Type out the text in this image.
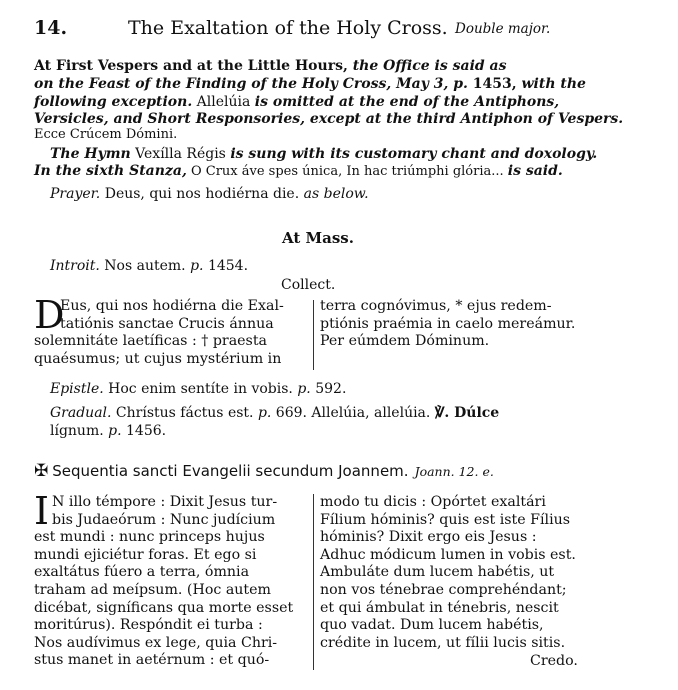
14.	The Exaltation of the Holy Cross. Double major.
At First Vespers and at the Little Hours, the Office is said as
on the Feast of the Finding of the Holy Cross, May 3, p. 1453, with the
following exception. Allelúia is omitted at the end of the Antiphons,
Versicles, and Short Responsories, except at the third Antiphon of Vespers.
Ecce Crúcem Dómini.
The Hymn Vexílla Régis is sung with its customary chant and doxology.
In the sixth Stanza, O Crux áve spes única, In hac triúmphi glória... is said.
Prayer. Deus, qui nos hodiérna die. as below.
At Mass.
Introit. Nos autem. p. 1454.
Collect.
D
Eus, qui nos hodiérna die Exal-
tatiónis sanctae Crucis ánnua
solemnitáte laetíficas : † praesta
quaésumus; ut cujus mystérium in
terra cognóvimus, * ejus redem-
ptiónis praémia in caelo mereámur.
Per eúmdem Dóminum.
Epistle. Hoc enim sentíte in vobis. p. 592.
Gradual. Chrístus fáctus est. p. 669. Allelúia, allelúia. ℣. Dúlce
lígnum. p. 1456.
✠ Sequentia sancti Evangelii secundum Joannem. Joann. 12. e.
I N illo témpore : Dixit Jesus tur-
bis Judaeórum : Nunc judícium
est mundi : nunc princeps hujus
mundi ejiciétur foras. Et ego si
exaltátus fúero a terra, ómnia
traham ad meípsum. (Hoc autem
dicébat, signíficans qua morte esset
moritúrus). Respóndit ei turba :
Nos audívimus ex lege, quia Chri-
stus manet in aetérnum : et quó-
modo tu dicis : Opórtet exaltári
Fílium hóminis? quis est iste Fílius
hóminis? Dixit ergo eis Jesus :
Adhuc módicum lumen in vobis est.
Ambuláte dum lucem habétis, ut
non vos ténebrae comprehéndant;
et qui ámbulat in ténebris, nescit
quo vadat. Dum lucem habétis,
crédite in lucem, ut fílii lucis sitis.
Credo.
